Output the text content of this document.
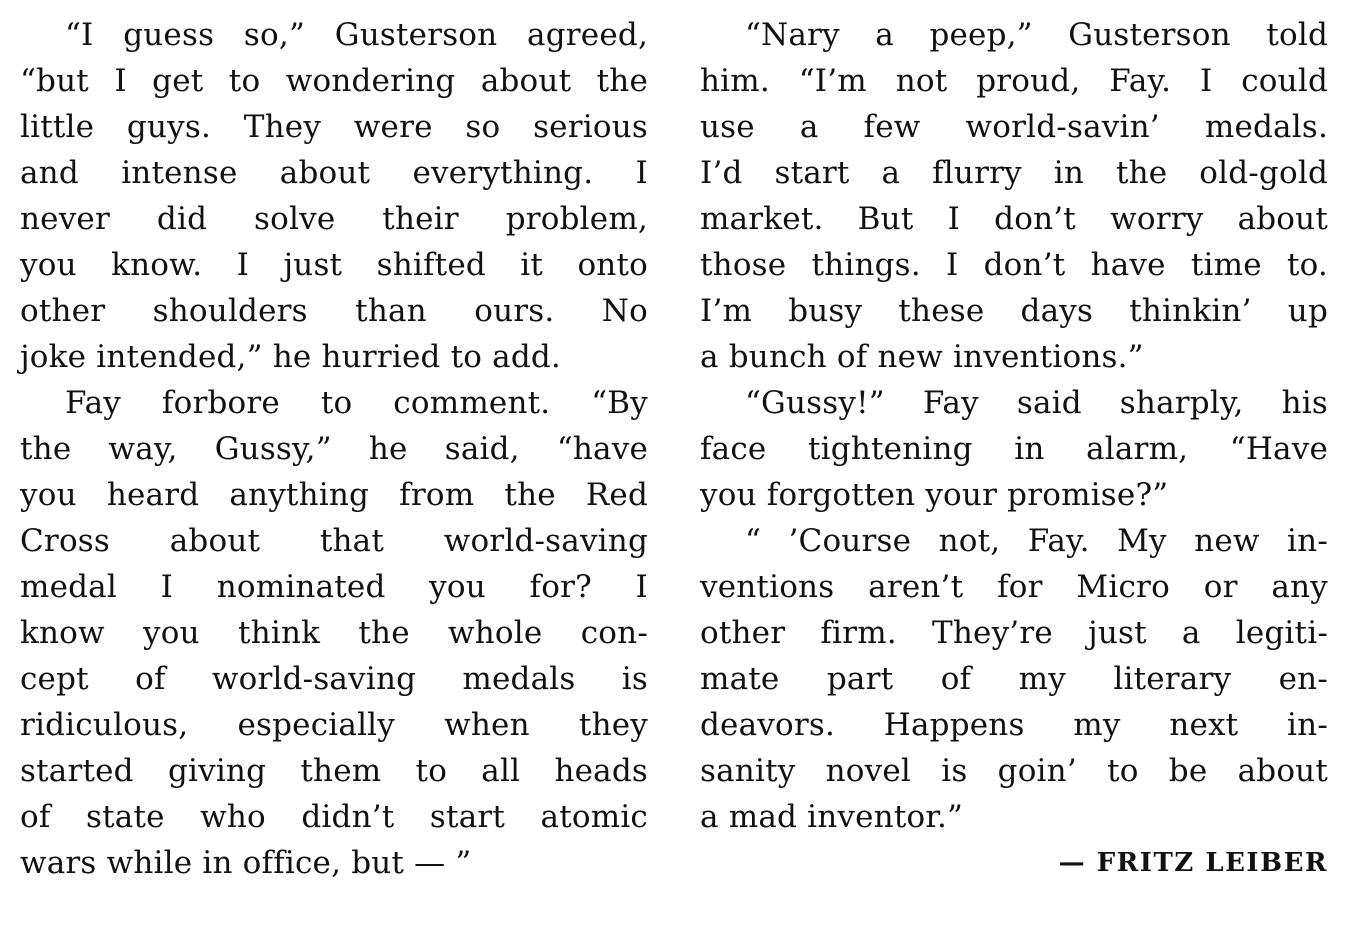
“I guess so,” Gusterson agreed,
“but I get to wondering about the
little guys. They were so serious
and intense about everything. I
never did solve their problem,
you know. I just shifted it onto
other shoulders than ours. No
joke intended,” he hurried to add.
Fay forbore to comment. “By
the way, Gussy,” he said, “have
you heard anything from the Red
Cross about that world-saving
medal I nominated you for? I
know you think the whole con-
cept of world-saving medals is
ridiculous, especially when they
started giving them to all heads
of state who didn’t start atomic
wars while in office, but — ”
“Nary a peep,” Gusterson told
him. “I’m not proud, Fay. I could
use a few world-savin’ medals.
I’d start a flurry in the old-gold
market. But I don’t worry about
those things. I don’t have time to.
I’m busy these days thinkin’ up
a bunch of new inventions.”
“Gussy!” Fay said sharply, his
face tightening in alarm, “Have
you forgotten your promise?”
“ ’Course not, Fay. My new in-
ventions aren’t for Micro or any
other firm. They’re just a legiti-
mate part of my literary en-
deavors. Happens my next in-
sanity novel is goin’ to be about
a mad inventor.”
— FRITZ LEIBER
